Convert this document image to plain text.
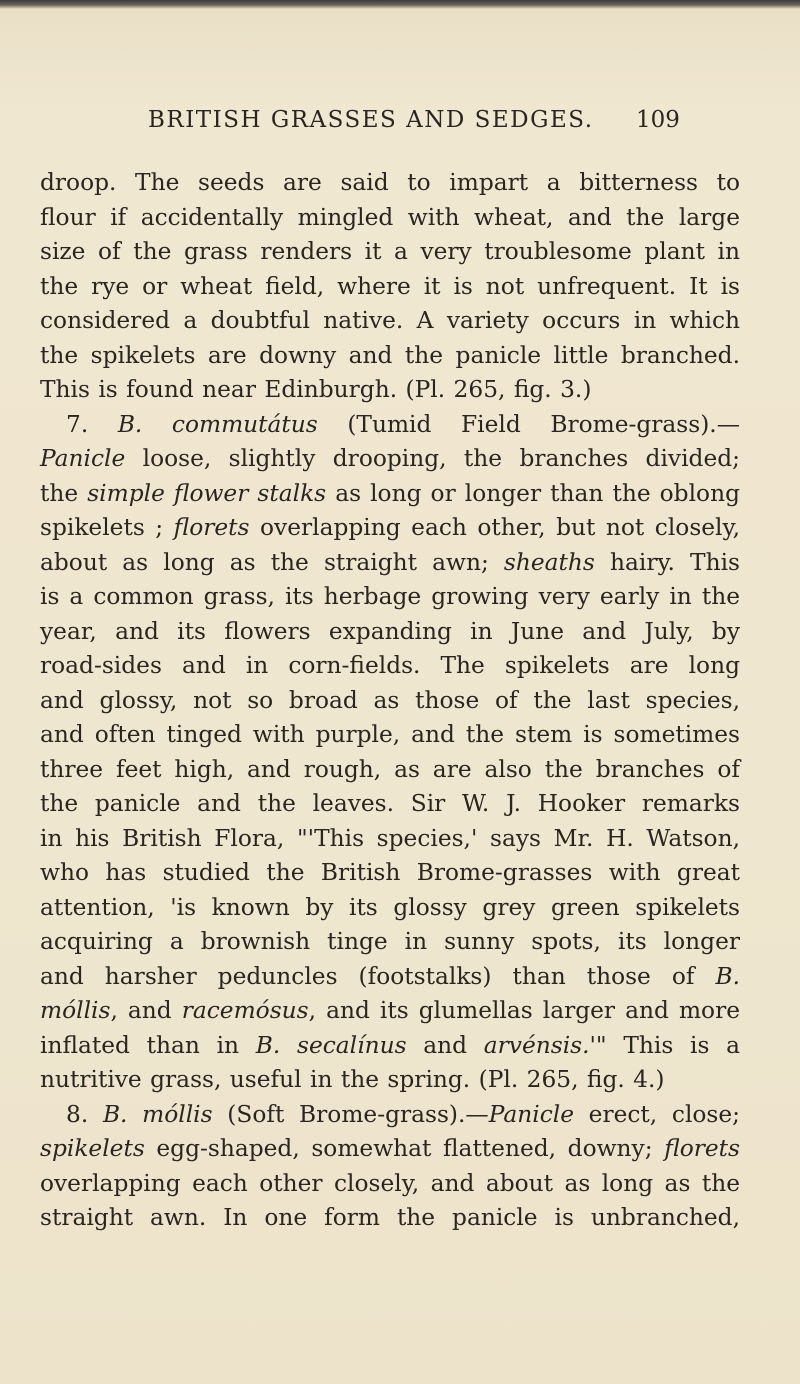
BRITISH GRASSES AND SEDGES. 109
droop. The seeds are said to impart a bitterness to
flour if accidentally mingled with wheat, and the large
size of the grass renders it a very troublesome plant in
the rye or wheat field, where it is not unfrequent. It is
considered a doubtful native. A variety occurs in which
the spikelets are downy and the panicle little branched.
This is found near Edinburgh. (Pl. 265, fig. 3.)
7. B. commutátus (Tumid Field Brome-grass).—
Panicle loose, slightly drooping, the branches divided;
the simple flower stalks as long or longer than the oblong
spikelets ; florets overlapping each other, but not closely,
about as long as the straight awn; sheaths hairy. This
is a common grass, its herbage growing very early in the
year, and its flowers expanding in June and July, by
road-sides and in corn-fields. The spikelets are long
and glossy, not so broad as those of the last species,
and often tinged with purple, and the stem is sometimes
three feet high, and rough, as are also the branches of
the panicle and the leaves. Sir W. J. Hooker remarks
in his British Flora, "'This species,' says Mr. H. Watson,
who has studied the British Brome-grasses with great
attention, 'is known by its glossy grey green spikelets
acquiring a brownish tinge in sunny spots, its longer
and harsher peduncles (footstalks) than those of B.
móllis, and racemósus, and its glumellas larger and more
inflated than in B. secalínus and arvénsis.'" This is a
nutritive grass, useful in the spring. (Pl. 265, fig. 4.)
8. B. móllis (Soft Brome-grass).—Panicle erect, close;
spikelets egg-shaped, somewhat flattened, downy; florets
overlapping each other closely, and about as long as the
straight awn. In one form the panicle is unbranched,
